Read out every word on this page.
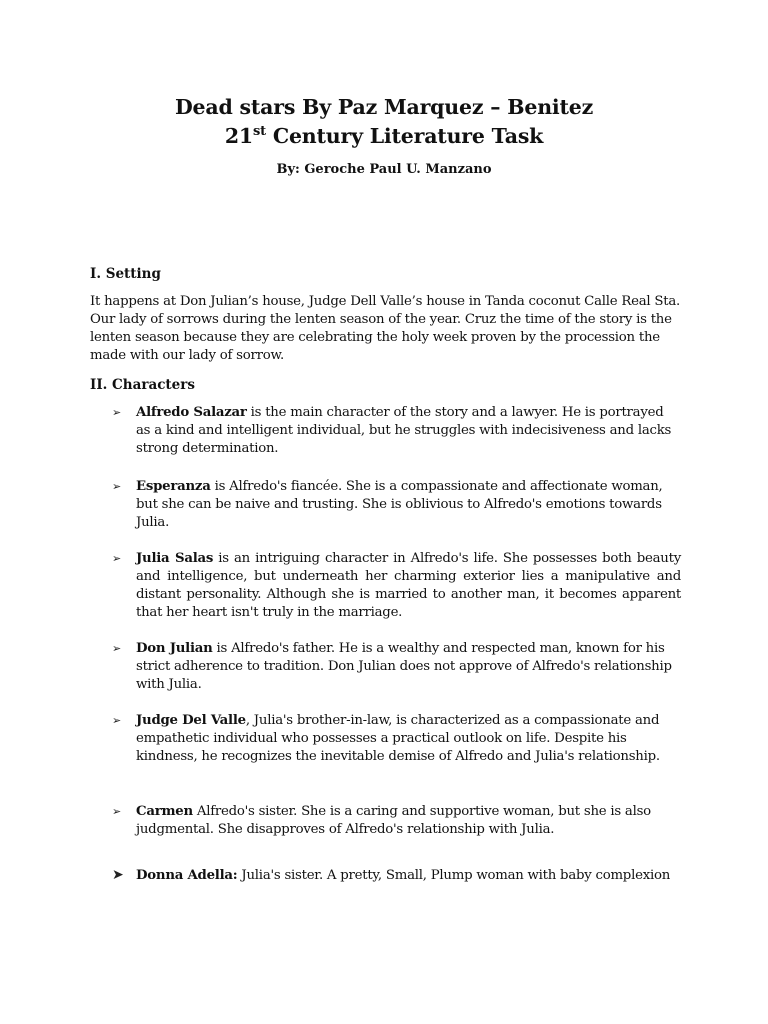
Dead stars By Paz Marquez – Benitez
21st Century Literature Task
By: Geroche Paul U. Manzano
I. Setting
It happens at Don Julian’s house, Judge Dell Valle’s house in Tanda coconut Calle Real Sta. Our lady of sorrows during the lenten season of the year. Cruz the time of the story is the lenten season because they are celebrating the holy week proven by the procession the made with our lady of sorrow.
II. Characters
➢ Alfredo Salazar is the main character of the story and a lawyer. He is portrayed as a kind and intelligent individual, but he struggles with indecisiveness and lacks strong determination.
➢ Esperanza is Alfredo's fiancée. She is a compassionate and affectionate woman, but she can be naive and trusting. She is oblivious to Alfredo's emotions towards Julia.
➢ Julia Salas is an intriguing character in Alfredo's life. She possesses both beauty and intelligence, but underneath her charming exterior lies a manipulative and distant personality. Although she is married to another man, it becomes apparent that her heart isn't truly in the marriage.
➢ Don Julian is Alfredo's father. He is a wealthy and respected man, known for his strict adherence to tradition. Don Julian does not approve of Alfredo's relationship with Julia.
➢ Judge Del Valle, Julia's brother-in-law, is characterized as a compassionate and empathetic individual who possesses a practical outlook on life. Despite his kindness, he recognizes the inevitable demise of Alfredo and Julia's relationship.
➢ Carmen Alfredo's sister. She is a caring and supportive woman, but she is also judgmental. She disapproves of Alfredo's relationship with Julia.
➤ Donna Adella: Julia's sister. A pretty, Small, Plump woman with baby complexion
